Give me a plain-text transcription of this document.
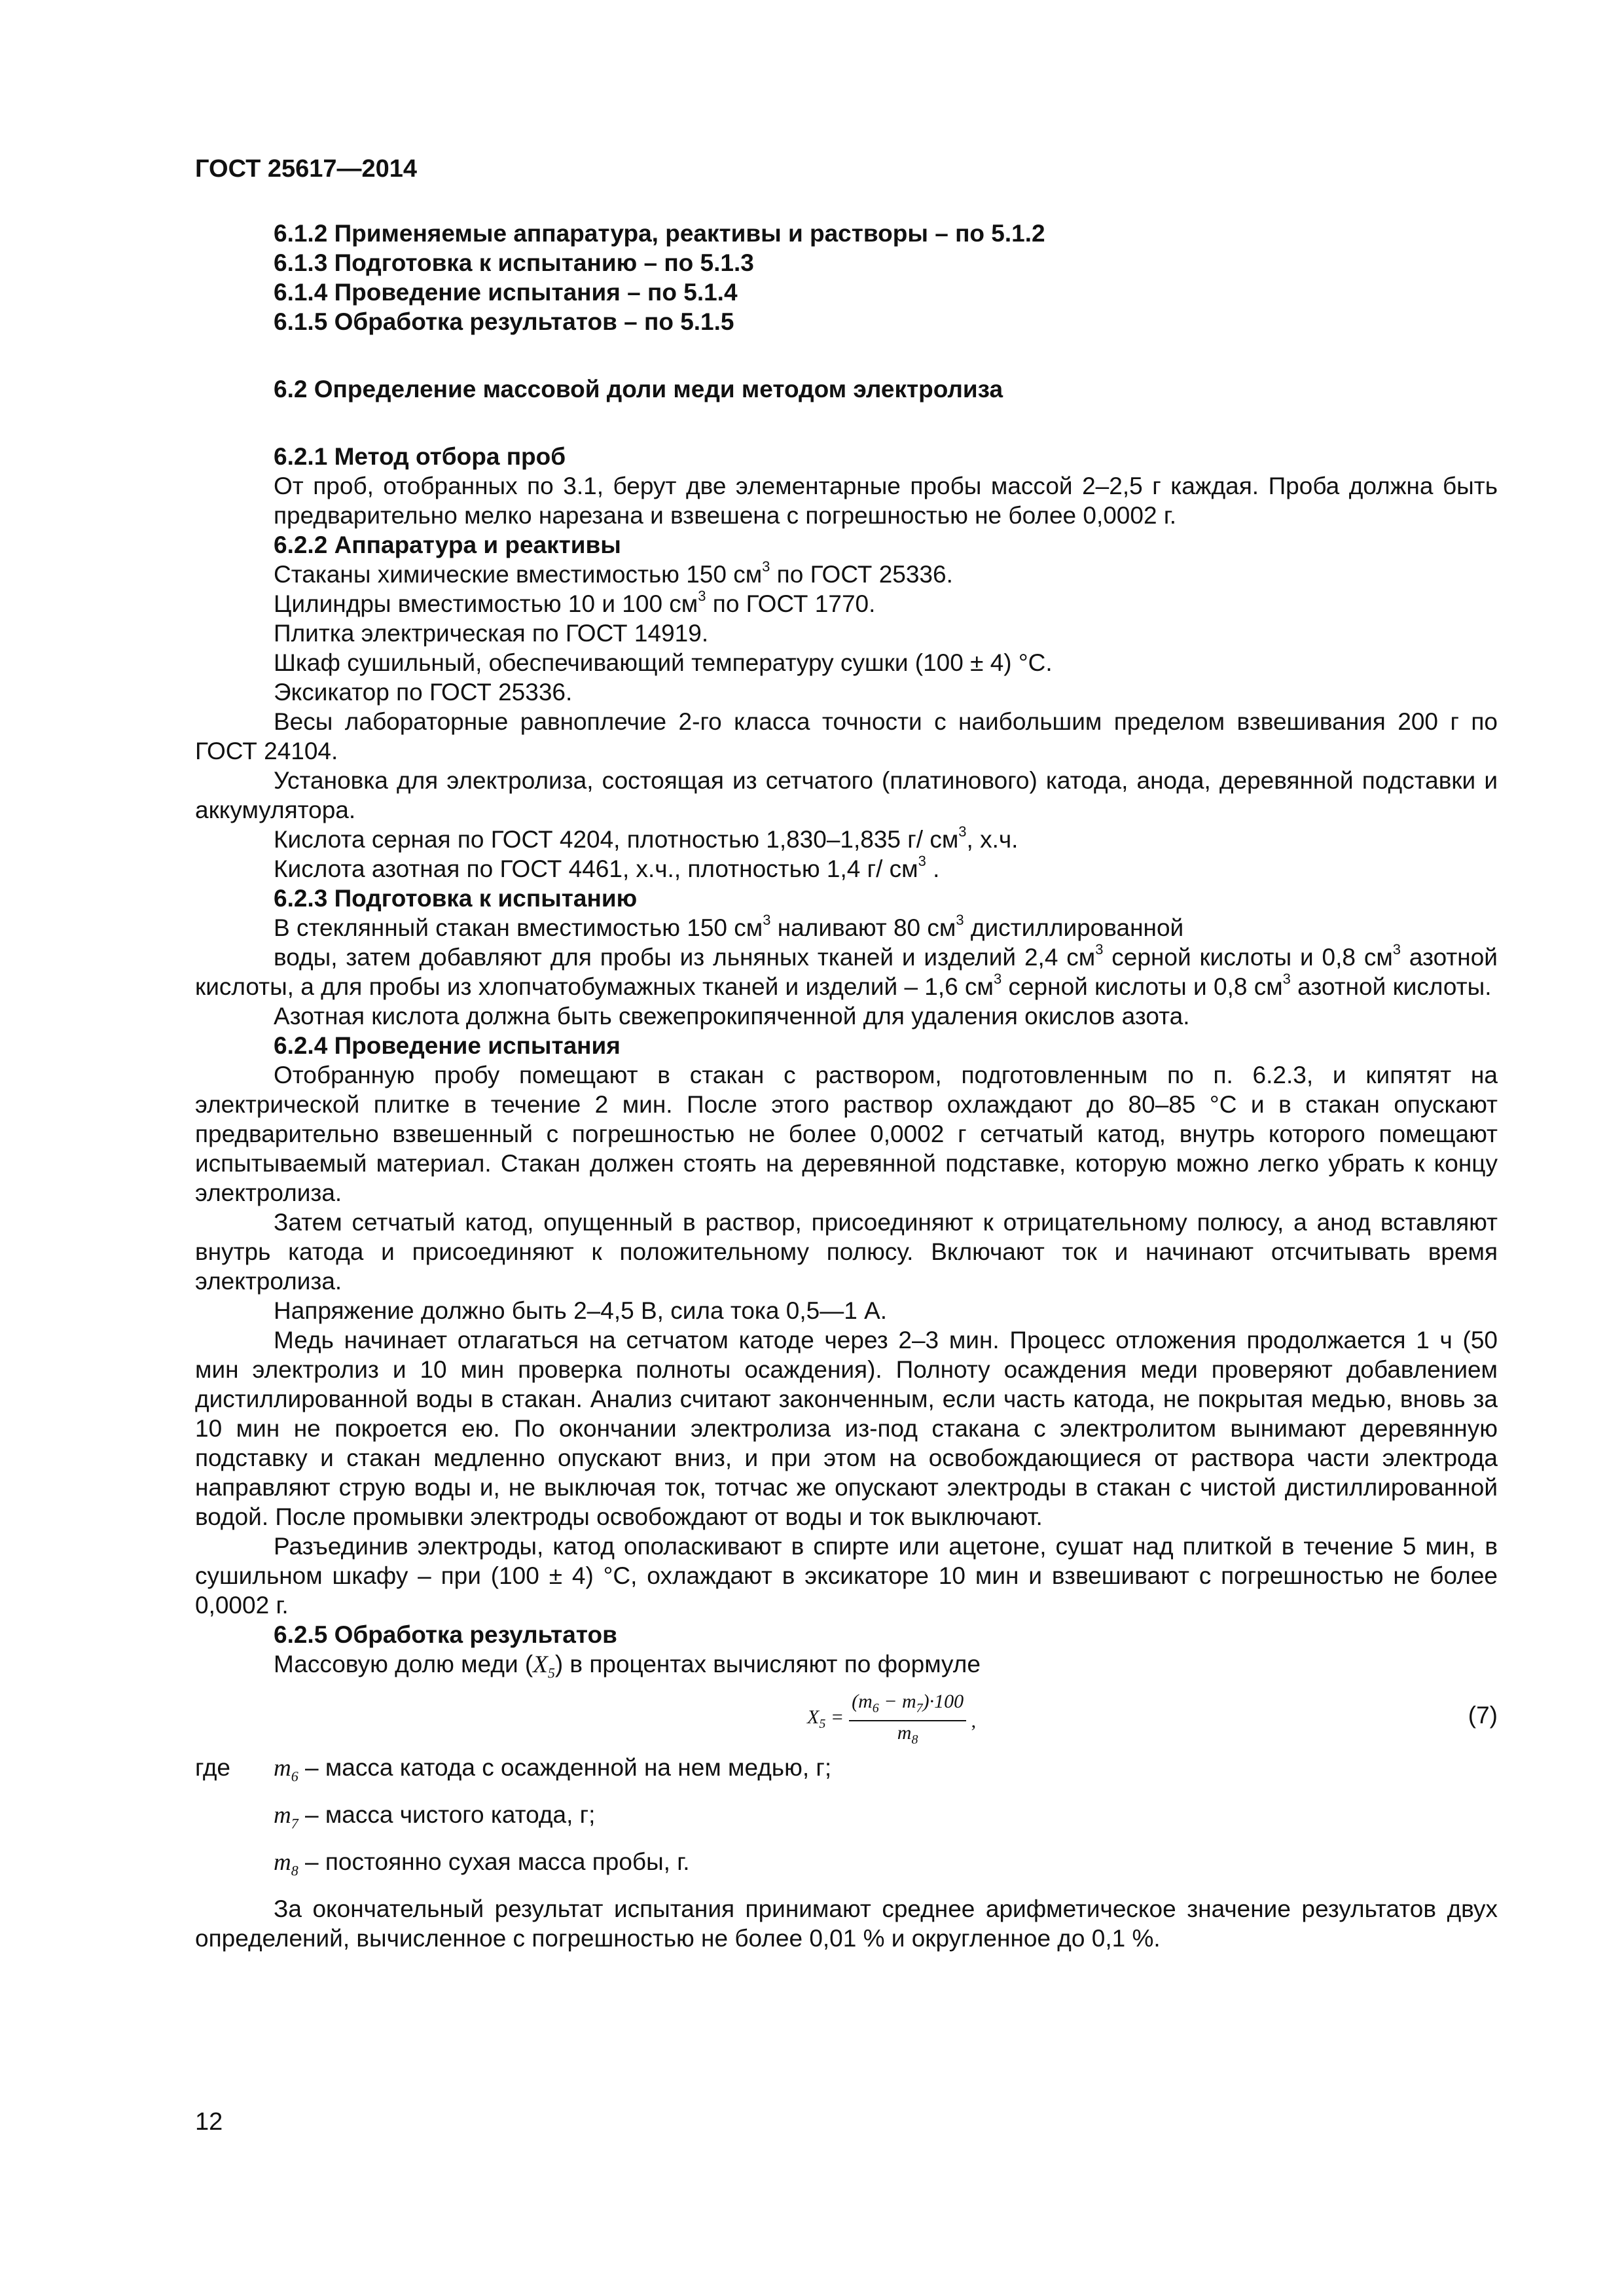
ГОСТ 25617—2014

6.1.2 Применяемые аппаратура, реактивы и растворы – по 5.1.2

6.1.3 Подготовка к испытанию – по 5.1.3

6.1.4 Проведение испытания – по 5.1.4

6.1.5 Обработка результатов – по 5.1.5

6.2 Определение массовой доли меди методом электролиза

6.2.1 Метод отбора проб

От проб, отобранных по 3.1, берут две элементарные пробы массой 2–2,5 г каждая. Проба должна быть предварительно мелко нарезана и взвешена с погрешностью не более 0,0002 г.

6.2.2 Аппаратура и реактивы

Стаканы химические вместимостью 150 $см^3$ по ГОСТ 25336.

Цилиндры вместимостью 10 и 100 $см^3$ по ГОСТ 1770.

Плитка электрическая по ГОСТ 14919.

Шкаф сушильный, обеспечивающий температуру сушки (100 ± 4) °С.

Эксикатор по ГОСТ 25336.

Весы лабораторные равноплечие 2-го класса точности с наибольшим пределом взвешивания 200 г по ГОСТ 24104.

Установка для электролиза, состоящая из сетчатого (платинового) катода, анода, деревянной подставки и аккумулятора.

Кислота серная по ГОСТ 4204, плотностью 1,830–1,835 г/ $см^3$, х.ч.

Кислота азотная по ГОСТ 4461, х.ч., плотностью 1,4 г/ $см^3$ .

6.2.3 Подготовка к испытанию

В стеклянный стакан вместимостью 150 $см^3$ наливают 80 $см^3$ дистиллированной

воды, затем добавляют для пробы из льняных тканей и изделий 2,4 $см^3$ серной кислоты и 0,8 $см^3$ азотной кислоты, а для пробы из хлопчатобумажных тканей и изделий – 1,6 $см^3$ серной кислоты и 0,8 $см^3$ азотной кислоты.

Азотная кислота должна быть свежепрокипяченной для удаления окислов азота.

6.2.4 Проведение испытания

Отобранную пробу помещают в стакан с раствором, подготовленным по п. 6.2.3, и кипятят на электрической плитке в течение 2 мин. После этого раствор охлаждают до 80–85 °С и в стакан опускают предварительно взвешенный с погрешностью не более 0,0002 г сетчатый катод, внутрь которого помещают испытываемый материал. Стакан должен стоять на деревянной подставке, которую можно легко убрать к концу электролиза.

Затем сетчатый катод, опущенный в раствор, присоединяют к отрицательному полюсу, а анод вставляют внутрь катода и присоединяют к положительному полюсу. Включают ток и начинают отсчитывать время электролиза.

Напряжение должно быть 2–4,5 В, сила тока 0,5—1 А.

Медь начинает отлагаться на сетчатом катоде через 2–3 мин. Процесс отложения продолжается 1 ч (50 мин электролиз и 10 мин проверка полноты осаждения). Полноту осаждения меди проверяют добавлением дистиллированной воды в стакан. Анализ считают законченным, если часть катода, не покрытая медью, вновь за 10 мин не покроется ею. По окончании электролиза из-под стакана с электролитом вынимают деревянную подставку и стакан медленно опускают вниз, и при этом на освобождающиеся от раствора части электрода направляют струю воды и, не выключая ток, тотчас же опускают электроды в стакан с чистой дистиллированной водой. После промывки электроды освобождают от воды и ток выключают.

Разъединив электроды, катод ополаскивают в спирте или ацетоне, сушат над плиткой в течение 5 мин, в сушильном шкафу – при (100 ± 4) °С, охлаждают в эксикаторе 10 мин и взвешивают с погрешностью не более 0,0002 г.

6.2.5 Обработка результатов

Массовую долю меди $(X_5)$ в процентах вычисляют по формуле

$X_5 = \frac{(m_6 - m_7)\cdot 100}{m_8}$ ,	(7)
где	$m_6$
– масса катода с осажденной на нем медью, г;
$m_7$
– масса чистого катода, г;
$m_8$
– постоянно сухая масса пробы, г.

За окончательный результат испытания принимают среднее арифметическое значение результатов двух определений, вычисленное с погрешностью не более 0,01 % и округленное до 0,1 %.

12
